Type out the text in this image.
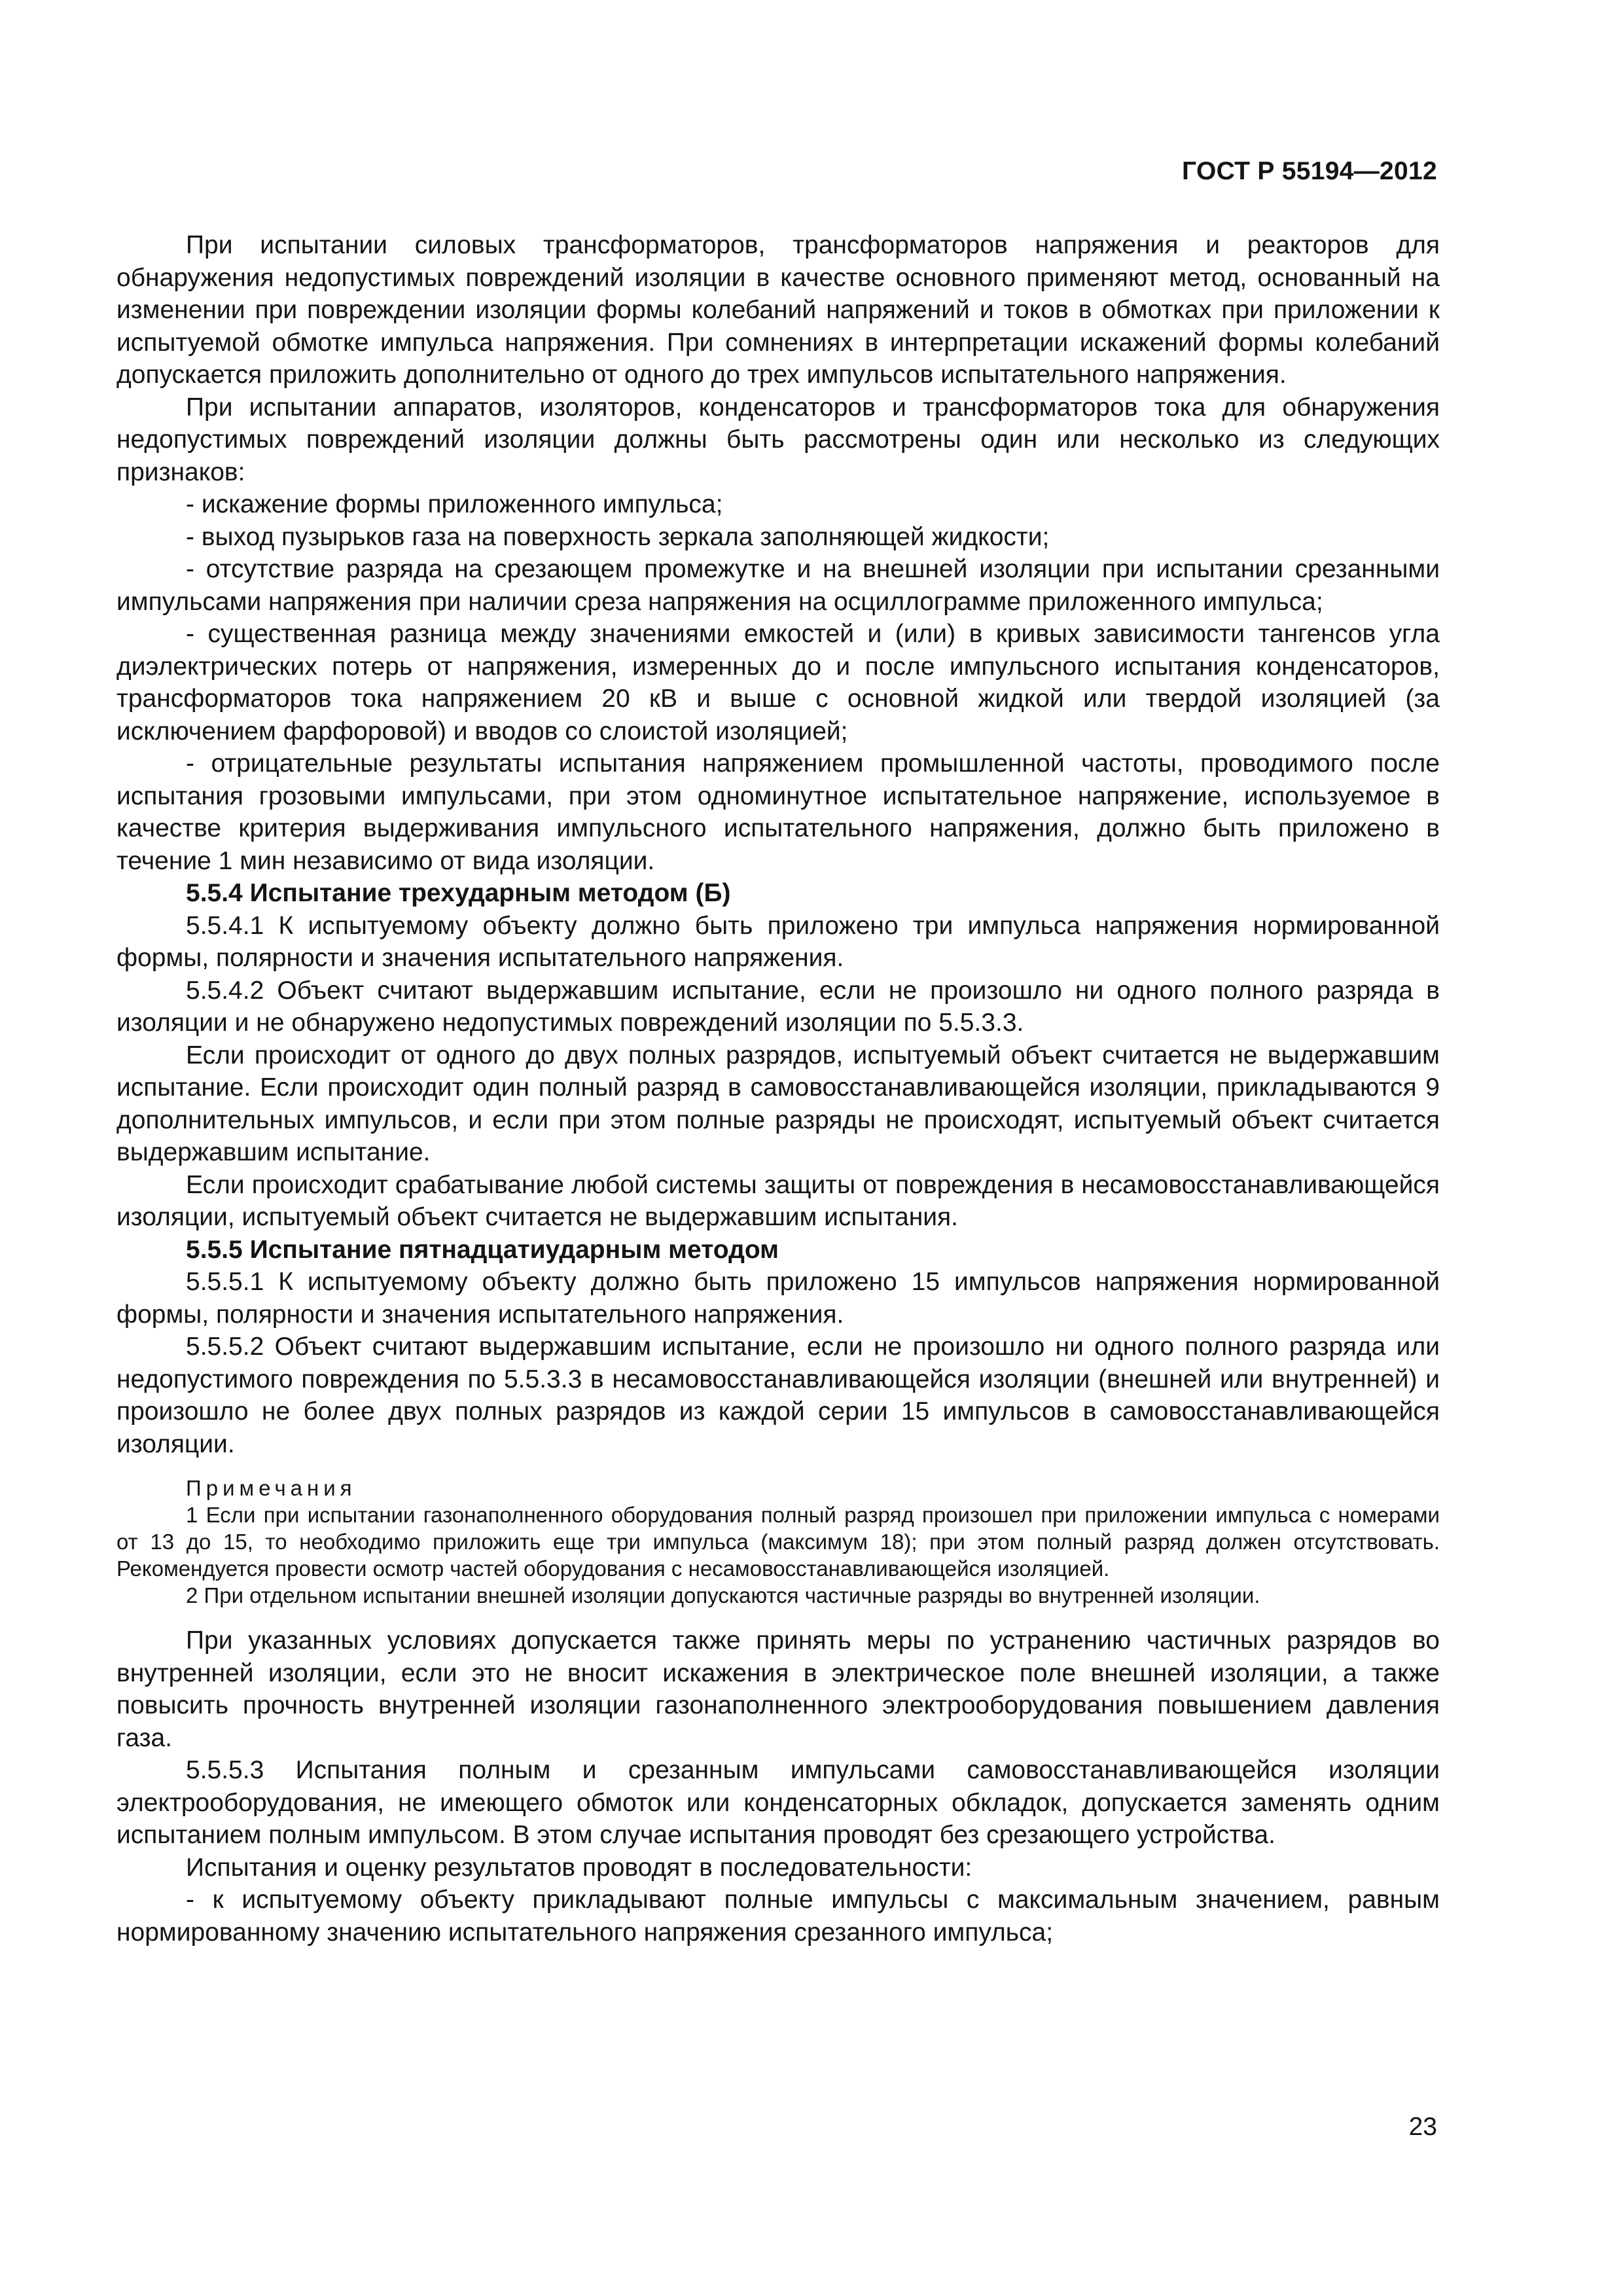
ГОСТ Р 55194—2012

При испытании силовых трансформаторов, трансформаторов напряжения и реакторов для обнаружения недопустимых повреждений изоляции в качестве основного применяют метод, основанный на изменении при повреждении изоляции формы колебаний напряжений и токов в обмотках при приложении к испытуемой обмотке импульса напряжения. При сомнениях в интерпретации искажений формы колебаний допускается приложить дополнительно от одного до трех импульсов испытательного напряжения.

При испытании аппаратов, изоляторов, конденсаторов и трансформаторов тока для обнаружения недопустимых повреждений изоляции должны быть рассмотрены один или несколько из следующих признаков:

- искажение формы приложенного импульса;

- выход пузырьков газа на поверхность зеркала заполняющей жидкости;

- отсутствие разряда на срезающем промежутке и на внешней изоляции при испытании срезанными импульсами напряжения при наличии среза напряжения на осциллограмме приложенного импульса;

- существенная разница между значениями емкостей и (или) в кривых зависимости тангенсов угла диэлектрических потерь от напряжения, измеренных до и после импульсного испытания конденсаторов, трансформаторов тока напряжением 20 кВ и выше с основной жидкой или твердой изоляцией (за исключением фарфоровой) и вводов со слоистой изоляцией;

- отрицательные результаты испытания напряжением промышленной частоты, проводимого после испытания грозовыми импульсами, при этом одноминутное испытательное напряжение, используемое в качестве критерия выдерживания импульсного испытательного напряжения, должно быть приложено в течение 1 мин независимо от вида изоляции.

5.5.4 Испытание трехударным методом (Б)

5.5.4.1 К испытуемому объекту должно быть приложено три импульса напряжения нормированной формы, полярности и значения испытательного напряжения.

5.5.4.2 Объект считают выдержавшим испытание, если не произошло ни одного полного разряда в изоляции и не обнаружено недопустимых повреждений изоляции по 5.5.3.3.

Если происходит от одного до двух полных разрядов, испытуемый объект считается не выдержавшим испытание. Если происходит один полный разряд в самовосстанавливающейся изоляции, прикладываются 9 дополнительных импульсов, и если при этом полные разряды не происходят, испытуемый объект считается выдержавшим испытание.

Если происходит срабатывание любой системы защиты от повреждения в несамовосстанавливающейся изоляции, испытуемый объект считается не выдержавшим испытания.

5.5.5 Испытание пятнадцатиударным методом

5.5.5.1 К испытуемому объекту должно быть приложено 15 импульсов напряжения нормированной формы, полярности и значения испытательного напряжения.

5.5.5.2 Объект считают выдержавшим испытание, если не произошло ни одного полного разряда или недопустимого повреждения по 5.5.3.3 в несамовосстанавливающейся изоляции (внешней или внутренней) и произошло не более двух полных разрядов из каждой серии 15 импульсов в самовосстанавливающейся изоляции.

Примечания

1 Если при испытании газонаполненного оборудования полный разряд произошел при приложении импульса с номерами от 13 до 15, то необходимо приложить еще три импульса (максимум 18); при этом полный разряд должен отсутствовать. Рекомендуется провести осмотр частей оборудования с несамовосстанавливающейся изоляцией.

2 При отдельном испытании внешней изоляции допускаются частичные разряды во внутренней изоляции.

При указанных условиях допускается также принять меры по устранению частичных разрядов во внутренней изоляции, если это не вносит искажения в электрическое поле внешней изоляции, а также повысить прочность внутренней изоляции газонаполненного электрооборудования повышением давления газа.

5.5.5.3 Испытания полным и срезанным импульсами самовосстанавливающейся изоляции электрооборудования, не имеющего обмоток или конденсаторных обкладок, допускается заменять одним испытанием полным импульсом. В этом случае испытания проводят без срезающего устройства.

Испытания и оценку результатов проводят в последовательности:

- к испытуемому объекту прикладывают полные импульсы с максимальным значением, равным нормированному значению испытательного напряжения срезанного импульса;

23
